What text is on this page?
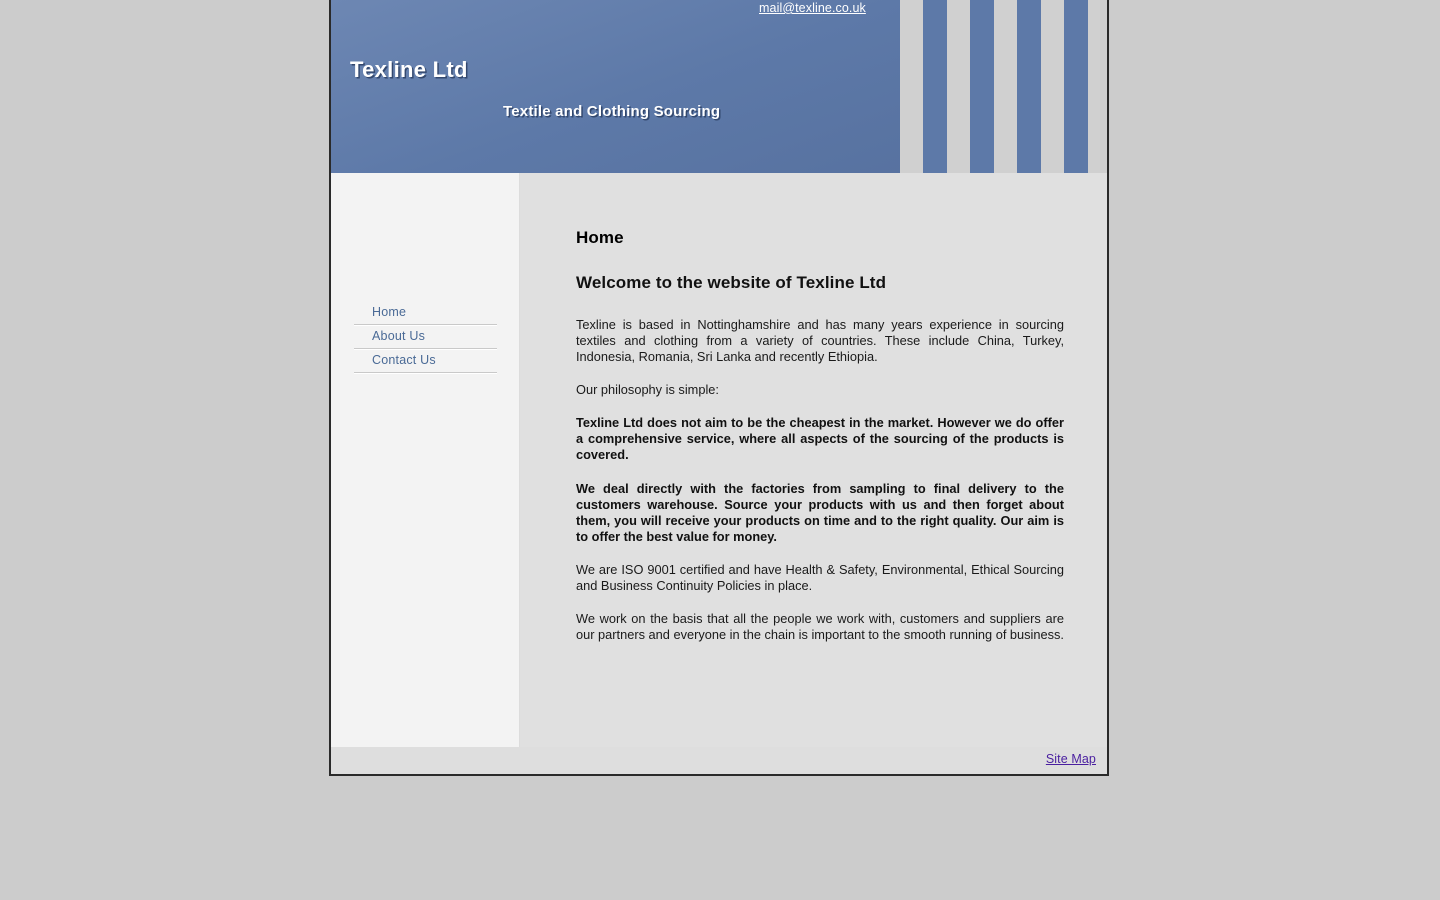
mail@texline.co.uk
Texline Ltd
Textile and Clothing Sourcing
Home
About Us
Contact Us
Home
Welcome to the website of Texline Ltd

Texline is based in Nottinghamshire and has many years experience in sourcing textiles and clothing from a variety of countries. These include China, Turkey, Indonesia, Romania, Sri Lanka and recently Ethiopia.

Our philosophy is simple:

Texline Ltd does not aim to be the cheapest in the market. However we do offer a comprehensive service, where all aspects of the sourcing of the products is covered.

We deal directly with the factories from sampling to final delivery to the customers warehouse. Source your products with us and then forget about them, you will receive your products on time and to the right quality. Our aim is to offer the best value for money.

We are ISO 9001 certified and have Health & Safety, Environmental, Ethical Sourcing and Business Continuity Policies in place.

We work on the basis that all the people we work with, customers and suppliers are our partners and everyone in the chain is important to the smooth running of business.

Site Map
